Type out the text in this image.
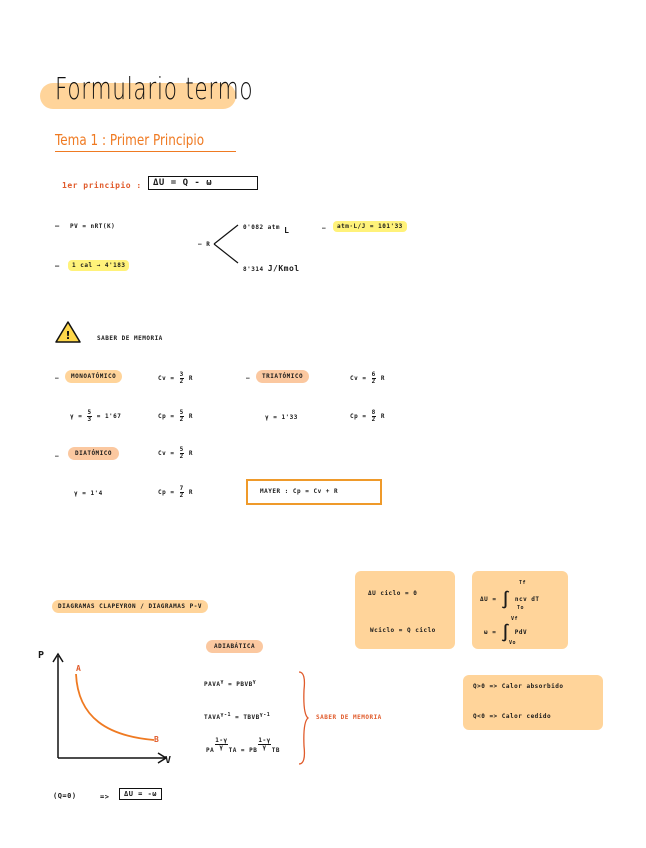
Formulario termo
Tema 1 : Primer Principio
1er principio :	ΔU = Q - ω
– PV = nRT(K)
–	1 cal → 4'183
– R
0'082 atm L
8'314 J/Kmol
–	atm·L/J = 101'33
!	SABER DE MEMORIA
–	MONOATÓMICO	$Cv = \frac{3}{2}$ R	–	TRIATÓMICO	$Cv = \frac{6}{2}$ R
$\gamma = \frac{5}{3} = 1'67$	$Cp = \frac{5}{2}$ R	γ = 1'33	$Cp = \frac{8}{2}$ R
–	DIATÓMICO	$Cv = \frac{5}{2}$ R
γ = 1'4	$Cp = \frac{7}{2}$ R	MAYER : Cp = Cv + R
ΔU ciclo = 0
Wciclo = Q ciclo
ΔU = ∫ ncv dT
Tf
To
ω = ∫ PdV
Vf
Vo
DIAGRAMAS CLAPEYRON / DIAGRAMAS P-V
Q>0 => Calor absorbido
Q<0 => Calor cedido
ADIABÁTICA
P
V
A
B
$PAVA^\gamma$ = $PBVB^\gamma$
$TAVA^{\gamma-1}$ = $TBVB^{\gamma-1}$
PA $\frac{1-\gamma}{\gamma}$ TA = PB $\frac{1-\gamma}{\gamma}$ TB
SABER DE MEMORIA
(Q=0)	=>	ΔU = -ω
